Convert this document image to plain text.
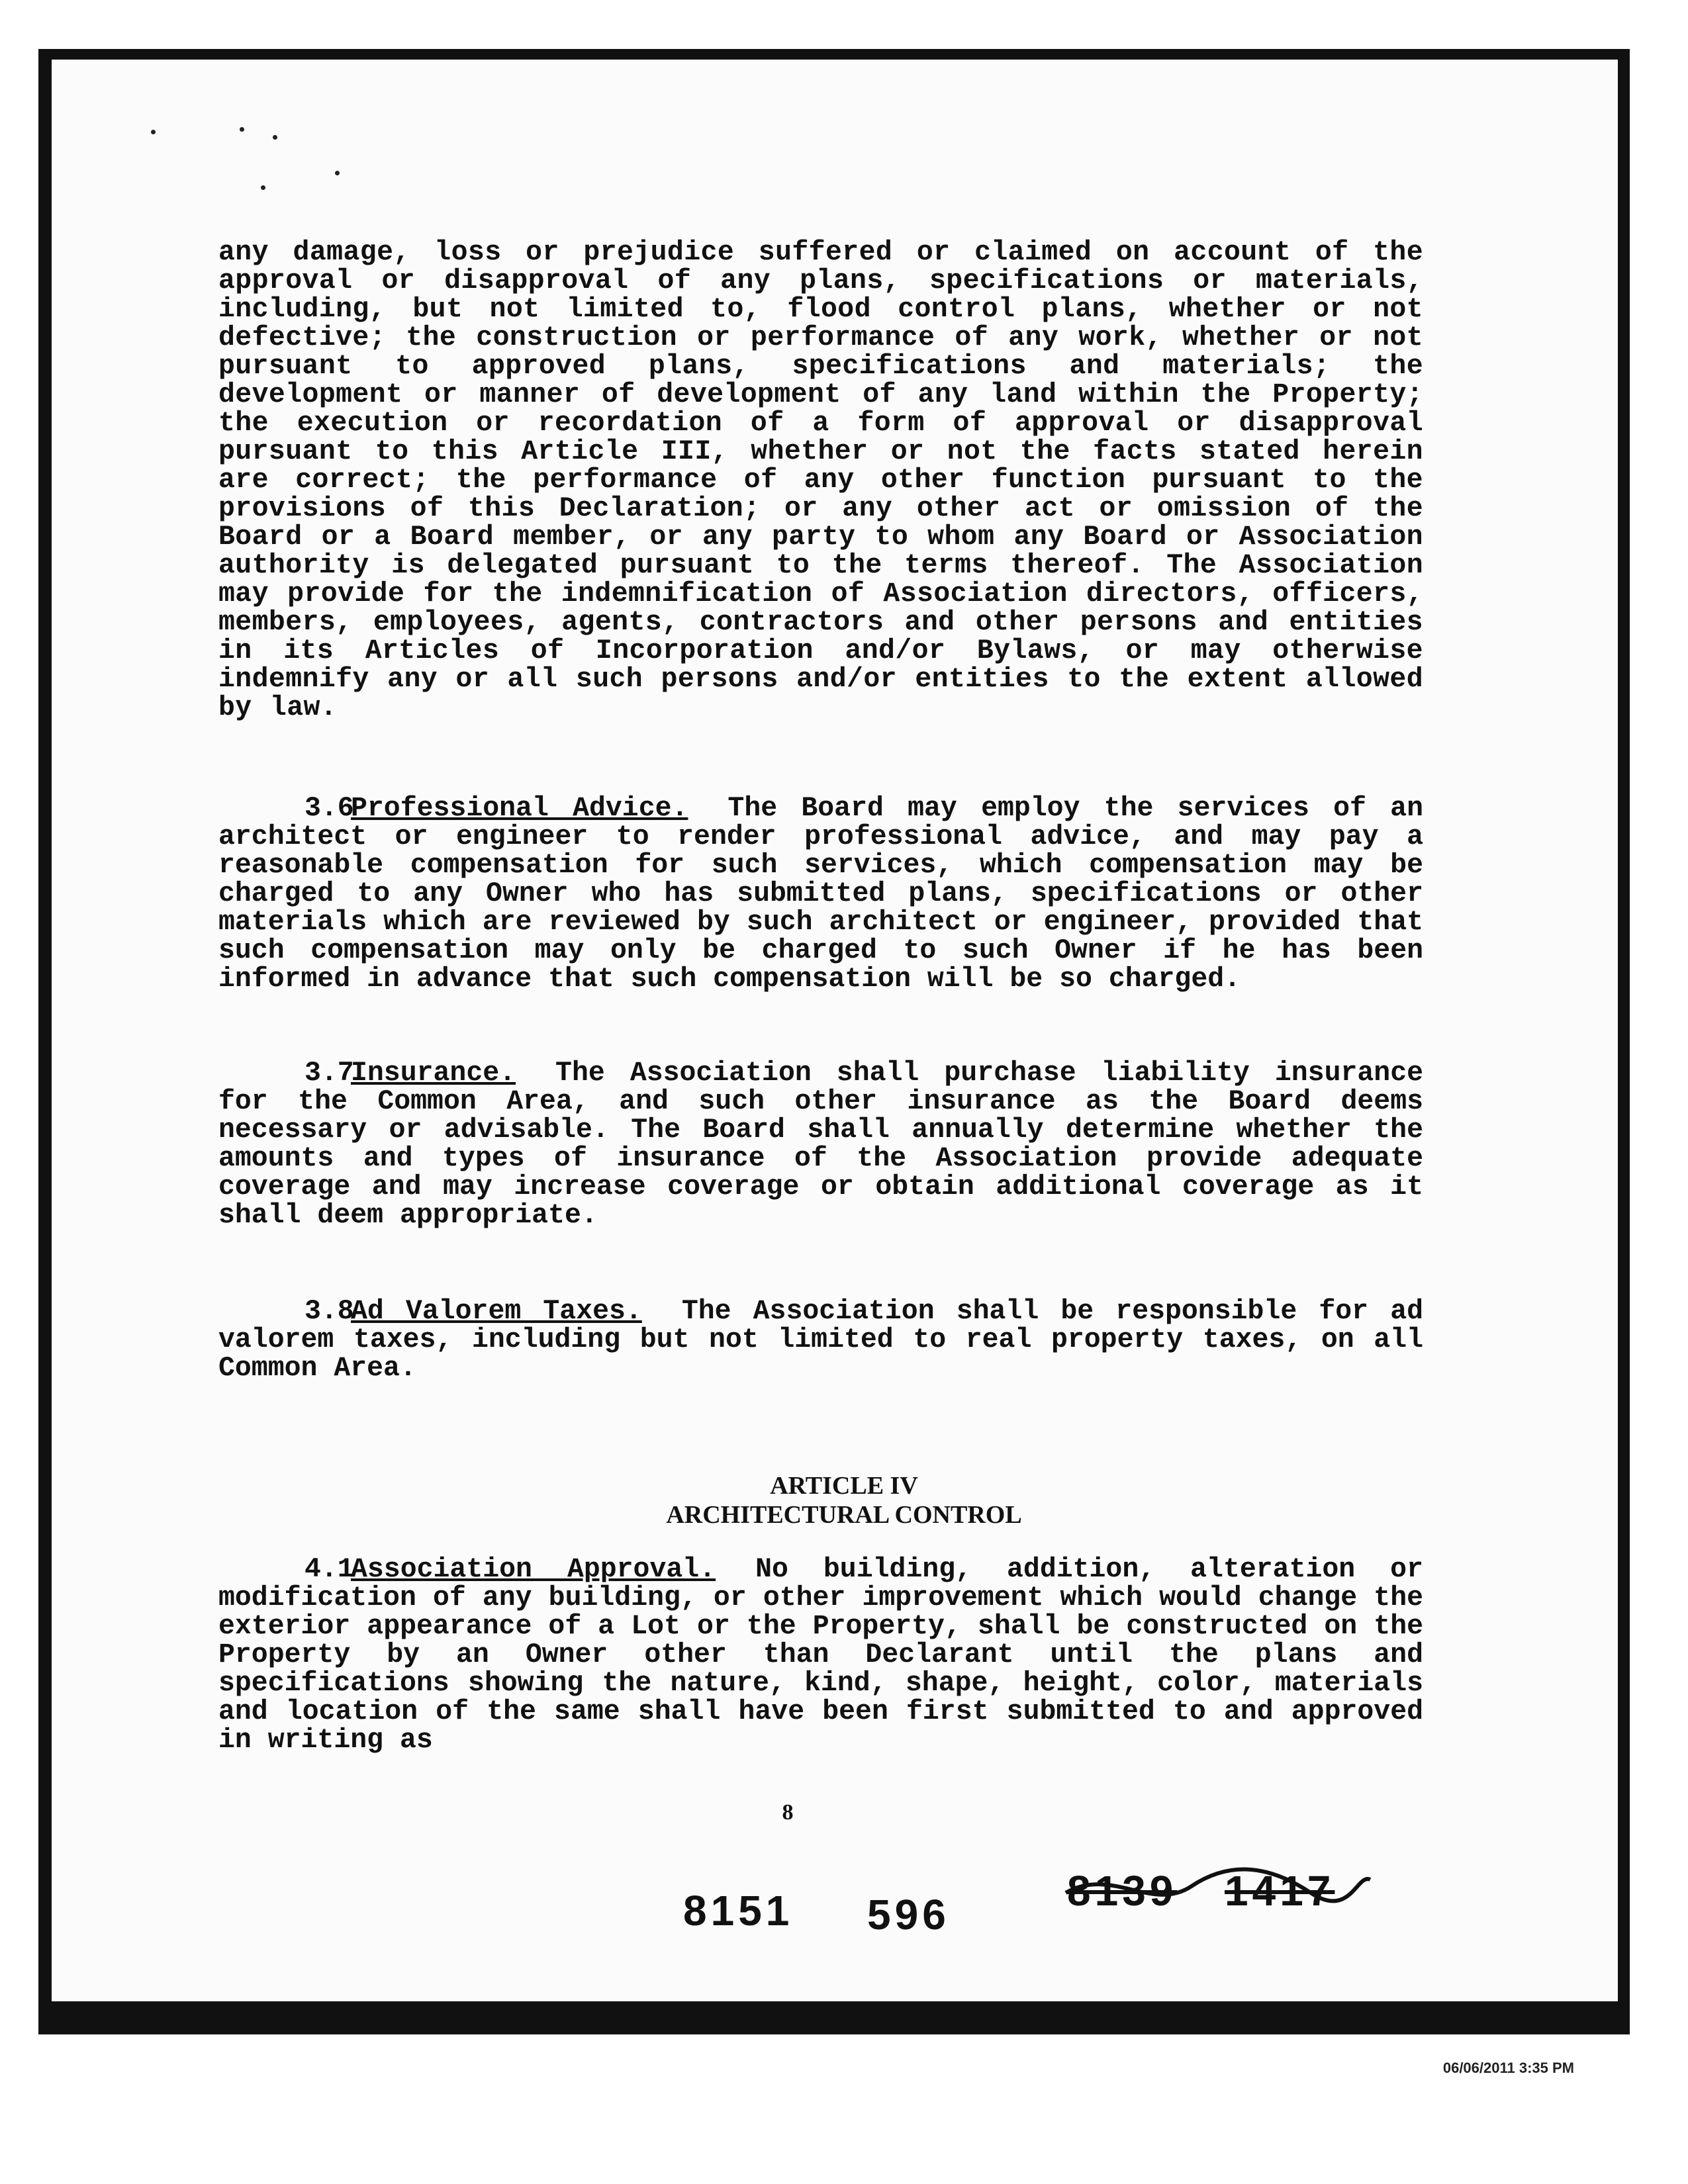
any damage, loss or prejudice suffered or claimed on account of the approval or disapproval of any plans, specifications or materials, including, but not limited to, flood control plans, whether or not defective; the construction or performance of any work, whether or not pursuant to approved plans, specifications and materials; the development or manner of development of any land within the Property; the execution or recordation of a form of approval or disapproval pursuant to this Article III, whether or not the facts stated herein are correct; the performance of any other function pursuant to the provisions of this Declaration; or any other act or omission of the Board or a Board member, or any party to whom any Board or Association authority is delegated pursuant to the terms thereof. The Association may provide for the indemnification of Association directors, officers, members, employees, agents, contractors and other persons and entities in its Articles of Incorporation and/or Bylaws, or may otherwise indemnify any or all such persons and/or entities to the extent allowed by law.

3.6Professional Advice. The Board may employ the services of an architect or engineer to render professional advice, and may pay a reasonable compensation for such services, which compensation may be charged to any Owner who has submitted plans, specifications or other materials which are reviewed by such architect or engineer, provided that such compensation may only be charged to such Owner if he has been informed in advance that such compensation will be so charged.
3.7Insurance. The Association shall purchase liability insurance for the Common Area, and such other insurance as the Board deems necessary or advisable. The Board shall annually determine whether the amounts and types of insurance of the Association provide adequate coverage and may increase coverage or obtain additional coverage as it shall deem appropriate.
3.8Ad Valorem Taxes. The Association shall be responsible for ad valorem taxes, including but not limited to real property taxes, on all Common Area.
ARTICLE IV
ARCHITECTURAL CONTROL
4.1Association Approval. No building, addition, alteration or modification of any building, or other improvement which would change the exterior appearance of a Lot or the Property, shall be constructed on the Property by an Owner other than Declarant until the plans and specifications showing the nature, kind, shape, height, color, materials and location of the same shall have been first submitted to and approved in writing as
8
8151 596	8139 1417
06/06/2011 3:35 PM
